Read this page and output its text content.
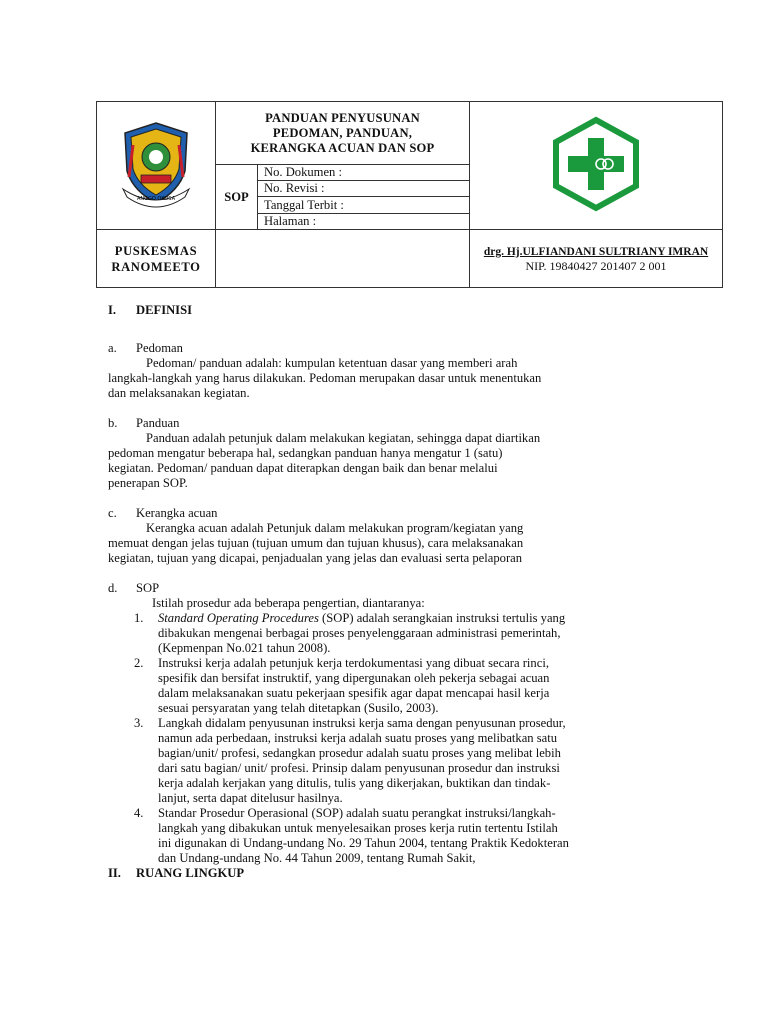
ANGGO OKOSA

PANDUAN PENYUSUNAN
PEDOMAN, PANDUAN,
KERANGKA ACUAN DAN SOP

SOP	
No. Dokumen :
No. Revisi :
Tanggal Terbit :
Halaman :

PUSKESMAS
RANOMEETO

drg. Hj.ULFIANDANI SULTRIANY IMRAN
NIP. 19840427 201407 2 001
I.	DEFINISI
a.	Pedoman
Pedoman/ panduan adalah: kumpulan ketentuan dasar yang memberi arah
langkah-langkah yang harus dilakukan. Pedoman merupakan dasar untuk menentukan
dan melaksanakan kegiatan.
b.	Panduan
Panduan adalah petunjuk dalam melakukan kegiatan, sehingga dapat diartikan
pedoman mengatur beberapa hal, sedangkan panduan hanya mengatur 1 (satu)
kegiatan. Pedoman/ panduan dapat diterapkan dengan baik dan benar melalui
penerapan SOP.
c.	Kerangka acuan
Kerangka acuan adalah Petunjuk dalam melakukan program/kegiatan yang
memuat dengan jelas tujuan (tujuan umum dan tujuan khusus), cara melaksanakan
kegiatan, tujuan yang dicapai, penjadualan yang jelas dan evaluasi serta pelaporan
d.	SOP
Istilah prosedur ada beberapa pengertian, diantaranya:
1.	Standard Operating Procedures (SOP) adalah serangkaian instruksi tertulis yang
dibakukan mengenai berbagai proses penyelenggaraan administrasi pemerintah,
(Kepmenpan No.021 tahun 2008).
2.	Instruksi kerja adalah petunjuk kerja terdokumentasi yang dibuat secara rinci,
spesifik dan bersifat instruktif, yang dipergunakan oleh pekerja sebagai acuan
dalam melaksanakan suatu pekerjaan spesifik agar dapat mencapai hasil kerja
sesuai persyaratan yang telah ditetapkan (Susilo, 2003).
3.	Langkah didalam penyusunan instruksi kerja sama dengan penyusunan prosedur,
namun ada perbedaan, instruksi kerja adalah suatu proses yang melibatkan satu
bagian/unit/ profesi, sedangkan prosedur adalah suatu proses yang melibat lebih
dari satu bagian/ unit/ profesi. Prinsip dalam penyusunan prosedur dan instruksi
kerja adalah kerjakan yang ditulis, tulis yang dikerjakan, buktikan dan tindak-
lanjut, serta dapat ditelusur hasilnya.
4.	Standar Prosedur Operasional (SOP) adalah suatu perangkat instruksi/langkah-
langkah yang dibakukan untuk menyelesaikan proses kerja rutin tertentu Istilah
ini digunakan di Undang-undang No. 29 Tahun 2004, tentang Praktik Kedokteran
dan Undang-undang No. 44 Tahun 2009, tentang Rumah Sakit,
II.	RUANG LINGKUP
